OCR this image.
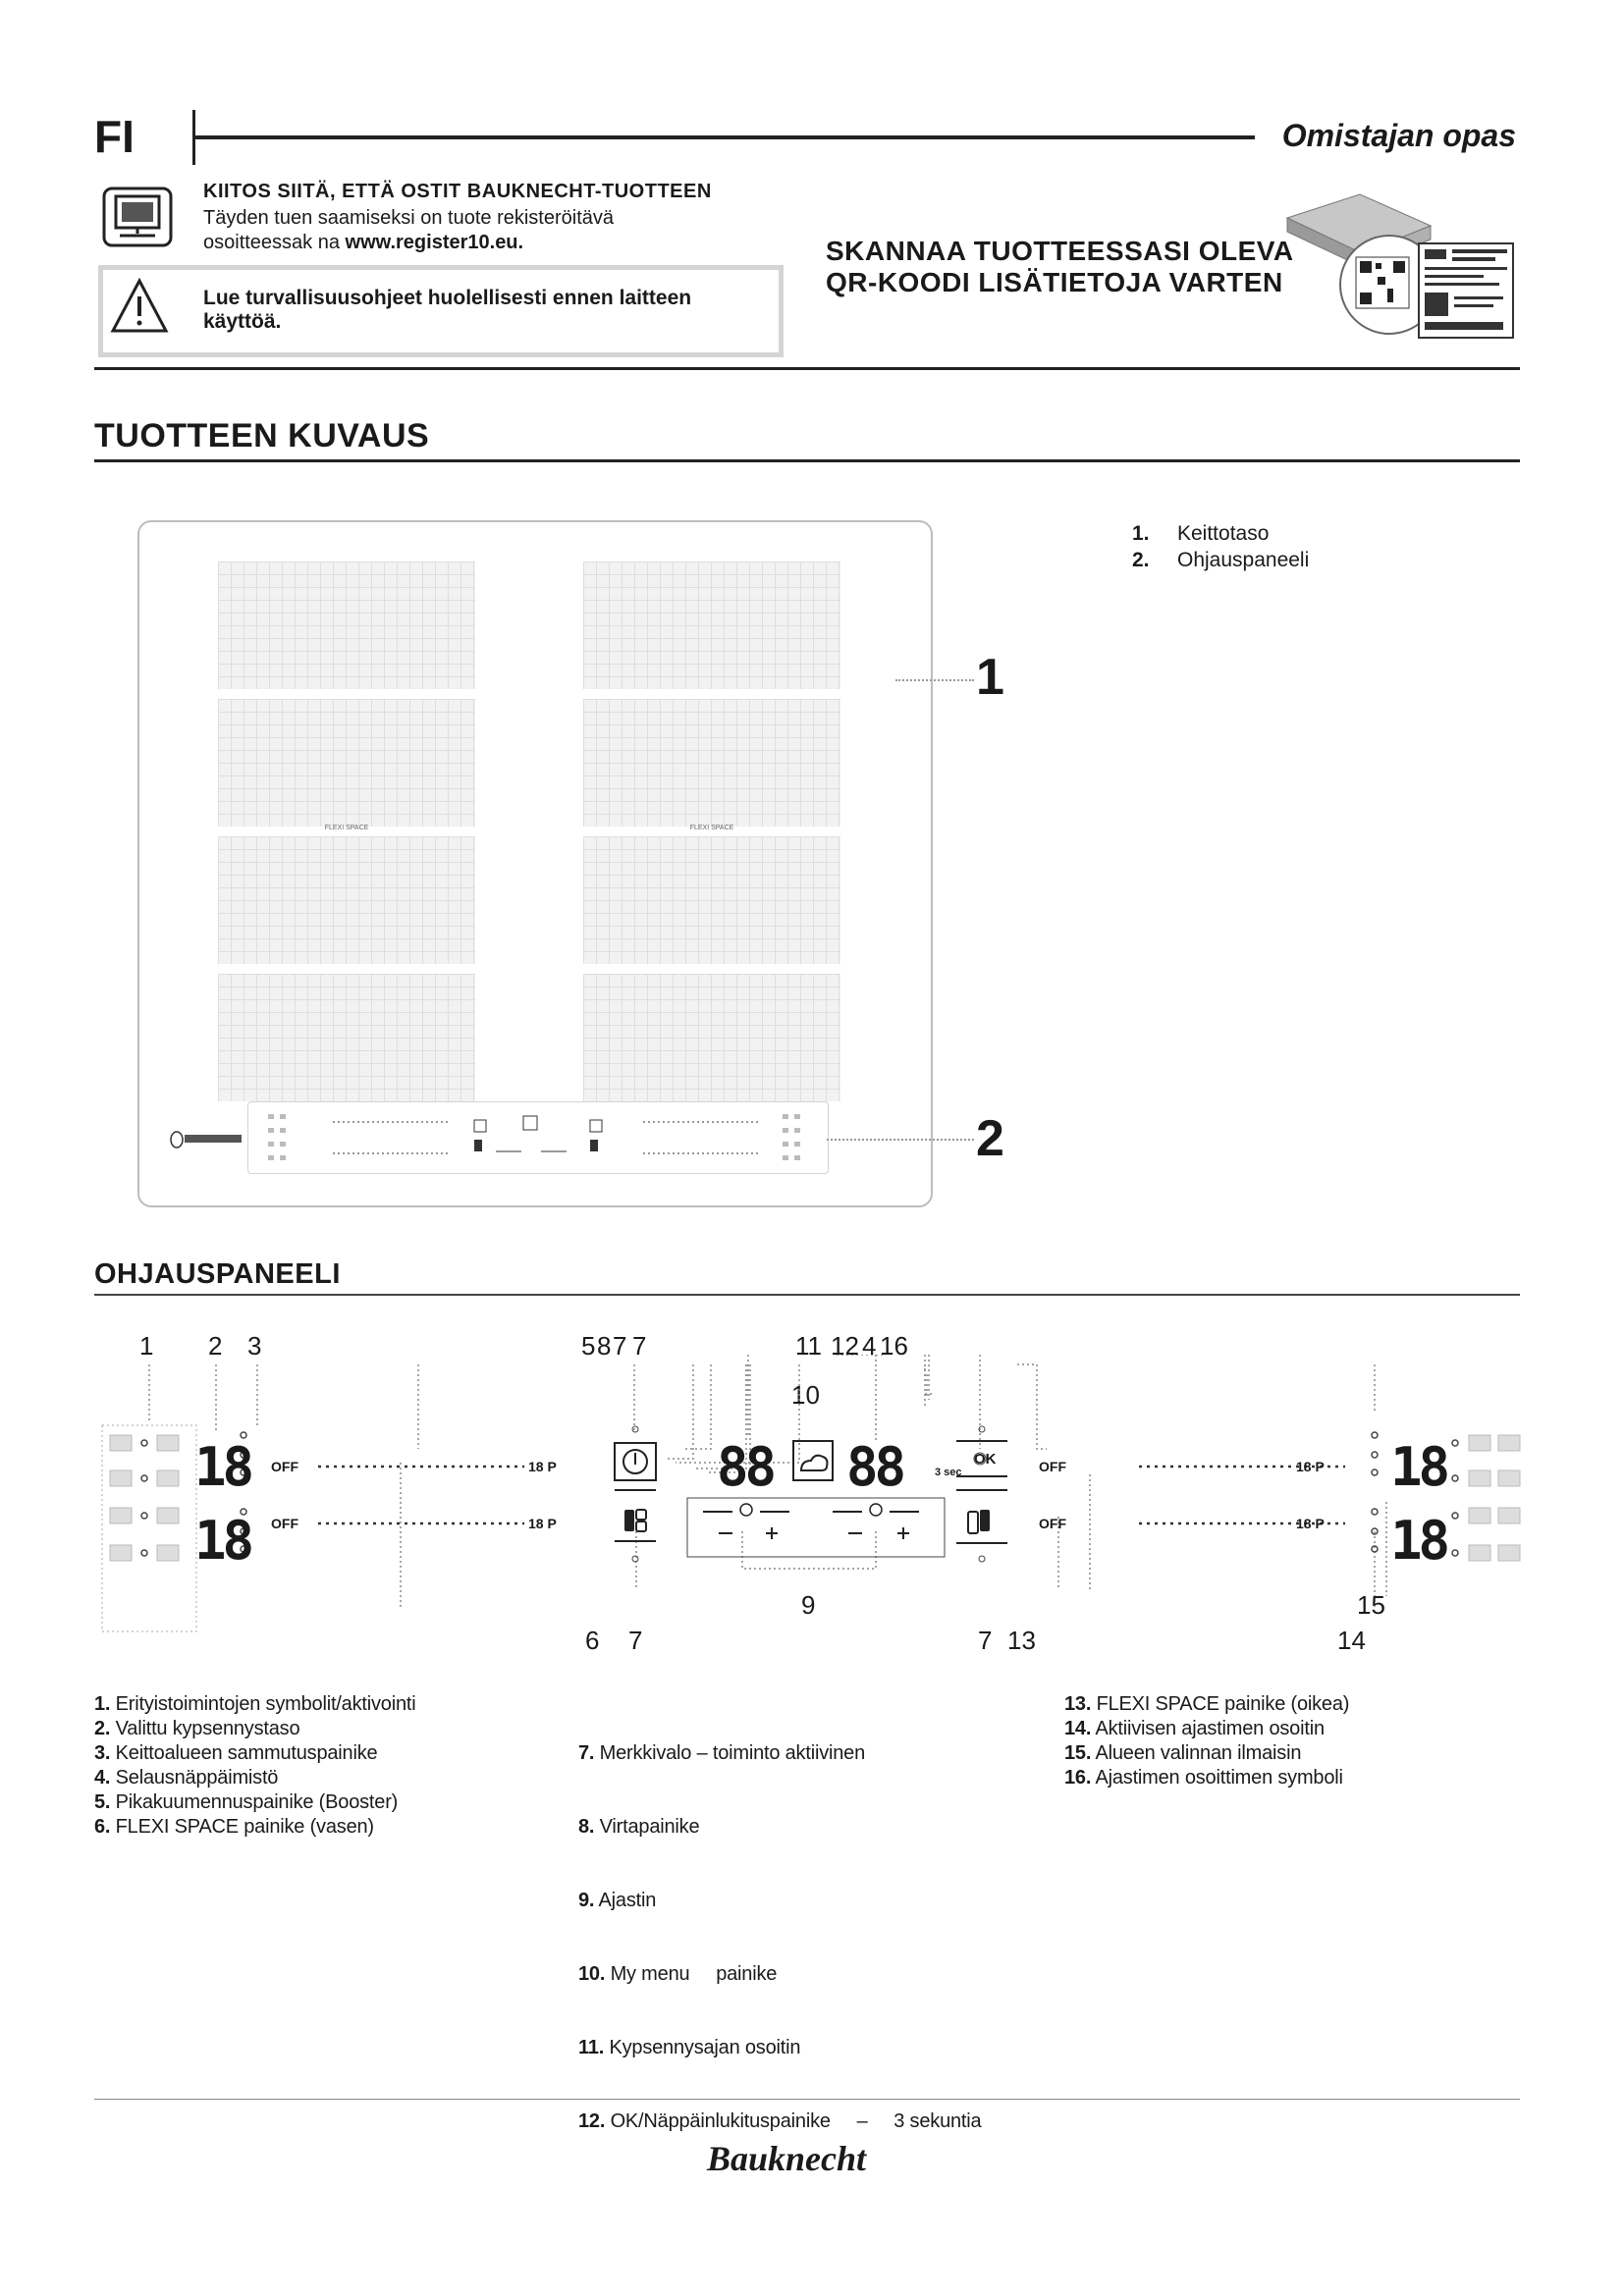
FI	Omistajan opas
KIITOS SIITÄ, ETTÄ OSTIT BAUKNECHT-TUOTTEEN
Täyden tuen saamiseksi on tuote rekisteröitävä
osoitteessak na www.register10.eu.
Lue turvallisuusohjeet huolellisesti ennen laitteen käyttöä.
SKANNAA TUOTTEESSASI OLEVA
QR-KOODI LISÄTIETOJA VARTEN
TUOTTEEN KUVAUS
FLEXI SPACE	FLEXI SPACE
1. Keittotaso
2. Ohjauspaneeli
1
2
OHJAUSPANEELI
1 2 3	5 8 7 7	11 12 4 16
10
18
18
88 88	18
18
OFF
OFF
18 P
18 P
OFF
OFF
18 P
18 P
OK
3 sec
9
6 7	7 13
15
14
1. Erityistoimintojen symbolit/aktivointi
2. Valittu kypsennystaso
3. Keittoalueen sammutuspainike
4. Selausnäppäimistö
5. Pikakuumennuspainike (Booster)
6. FLEXI SPACE painike (vasen)

7. Merkkivalo – toiminto aktiivinen

8. Virtapainike

9. Ajastin

10. My menu     painike

11. Kypsennysajan osoitin

12. OK/Näppäinlukituspainike     –     3 sekuntia

13. FLEXI SPACE painike (oikea)
14. Aktiivisen ajastimen osoitin
15. Alueen valinnan ilmaisin
16. Ajastimen osoittimen symboli
Bauknecht
